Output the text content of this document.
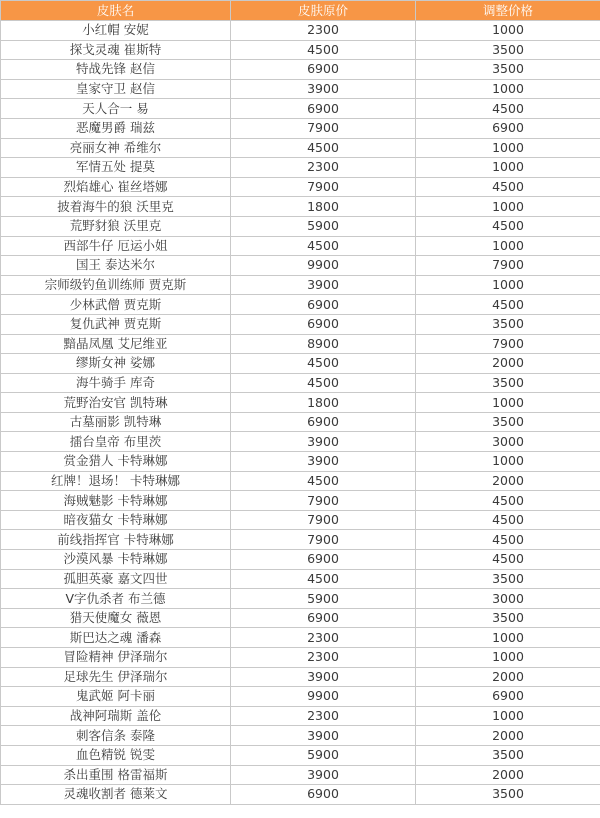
皮肤名	皮肤原价	调整价格
小红帽 安妮	2300	1000
探戈灵魂 崔斯特	4500	3500
特战先锋 赵信	6900	3500
皇家守卫 赵信	3900	1000
天人合一 易	6900	4500
恶魔男爵 瑞兹	7900	6900
亮丽女神 希维尔	4500	1000
军情五处 提莫	2300	1000
烈焰雄心 崔丝塔娜	7900	4500
披着海牛的狼 沃里克	1800	1000
荒野豺狼 沃里克	5900	4500
西部牛仔 厄运小姐	4500	1000
国王 泰达米尔	9900	7900
宗师级钓鱼训练师 贾克斯	3900	1000
少林武僧 贾克斯	6900	4500
复仇武神 贾克斯	6900	3500
黯晶凤凰 艾尼维亚	8900	7900
缪斯女神 娑娜	4500	2000
海牛骑手 库奇	4500	3500
荒野治安官 凯特琳	1800	1000
古墓丽影 凯特琳	6900	3500
擂台皇帝 布里茨	3900	3000
赏金猎人 卡特琳娜	3900	1000
红牌！退场！ 卡特琳娜	4500	2000
海贼魅影 卡特琳娜	7900	4500
暗夜猫女 卡特琳娜	7900	4500
前线指挥官 卡特琳娜	7900	4500
沙漠风暴 卡特琳娜	6900	4500
孤胆英豪 嘉文四世	4500	3500
V字仇杀者 布兰德	5900	3000
猎天使魔女 薇恩	6900	3500
斯巴达之魂 潘森	2300	1000
冒险精神 伊泽瑞尔	2300	1000
足球先生 伊泽瑞尔	3900	2000
鬼武姬 阿卡丽	9900	6900
战神阿瑞斯 盖伦	2300	1000
刺客信条 泰隆	3900	2000
血色精锐 锐雯	5900	3500
杀出重围 格雷福斯	3900	2000
灵魂收割者 德莱文	6900	3500
